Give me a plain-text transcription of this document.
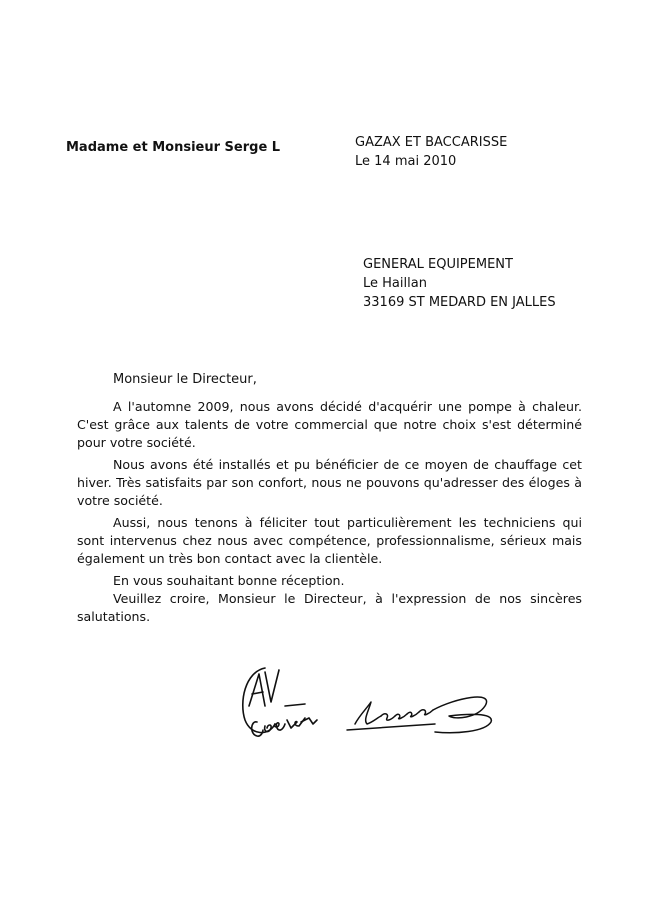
Madame et Monsieur Serge L	GAZAX ET BACCARISSE
Le 14 mai 2010
GENERAL EQUIPEMENT
Le Haillan
33169 ST MEDARD EN JALLES
Monsieur le Directeur,

A l'automne 2009, nous avons décidé d'acquérir une pompe à chaleur. C'est grâce aux talents de votre commercial que notre choix s'est déterminé pour votre société.

Nous avons été installés et pu bénéficier de ce moyen de chauffage cet hiver. Très satisfaits par son confort, nous ne pouvons qu'adresser des éloges à votre société.

Aussi, nous tenons à féliciter tout particulièrement les techniciens qui sont intervenus chez nous avec compétence, professionnalisme, sérieux mais également un très bon contact avec la clientèle.

En vous souhaitant bonne réception.

Veuillez croire, Monsieur le Directeur, à l'expression de nos sincères salutations.
